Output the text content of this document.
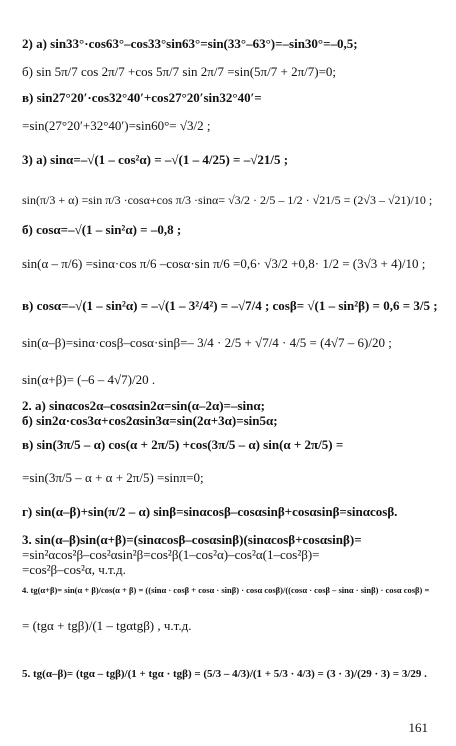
2) а) sin33°·cos63°–cos33°sin63°=sin(33°–63°)=–sin30°=–0,5;
б) sin 5π/7 cos 2π/7 +cos 5π/7 sin 2π/7 =sin(5π/7 + 2π/7)=0;
в) sin27°20′·cos32°40′+cos27°20′sin32°40′=
=sin(27°20′+32°40′)=sin60°= √3/2 ;
3) а) sinα=–√(1 – cos²α) = –√(1 – 4/25) = –√21/5 ;
sin(π/3 + α) =sin π/3 ·cosα+cos π/3 ·sinα= √3/2 · 2/5 – 1/2 · √21/5 = (2√3 – √21)/10 ;
б) cosα=–√(1 – sin²α) = –0,8 ;
sin(α – π/6) =sinα·cos π/6 –cosα·sin π/6 =0,6· √3/2 +0,8· 1/2 = (3√3 + 4)/10 ;
в) cosα=–√(1 – sin²α) = –√(1 – 3²/4²) = –√7/4 ; cosβ= √(1 – sin²β) = 0,6 = 3/5 ;
sin(α–β)=sinα·cosβ–cosα·sinβ=– 3/4 · 2/5 + √7/4 · 4/5 = (4√7 – 6)/20 ;
sin(α+β)= (–6 – 4√7)/20 .
2. а) sinαcos2α–cosαsin2α=sin(α–2α)=–sinα;
б) sin2α·cos3α+cos2αsin3α=sin(2α+3α)=sin5α;
в) sin(3π/5 – α) cos(α + 2π/5) +cos(3π/5 – α) sin(α + 2π/5) =
=sin(3π/5 – α + α + 2π/5) =sinπ=0;
г) sin(α–β)+sin(π/2 – α) sinβ=sinαcosβ–cosαsinβ+cosαsinβ=sinαcosβ.
3. sin(α–β)sin(α+β)=(sinαcosβ–cosαsinβ)(sinαcosβ+cosαsinβ)=
=sin²αcos²β–cos²αsin²β=cos²β(1–cos²α)–cos²α(1–cos²β)=
=cos²β–cos²α, ч.т.д.
4. tg(α+β)= sin(α + β)/cos(α + β) = ((sinα · cosβ + cosα · sinβ) · cosα cosβ)/((cosα · cosβ – sinα · sinβ) · cosα cosβ) =
= (tgα + tgβ)/(1 – tgαtgβ) , ч.т.д.
5. tg(α–β)= (tgα – tgβ)/(1 + tgα · tgβ) = (5/3 – 4/3)/(1 + 5/3 · 4/3) = (3 · 3)/(29 · 3) = 3/29 .
161
